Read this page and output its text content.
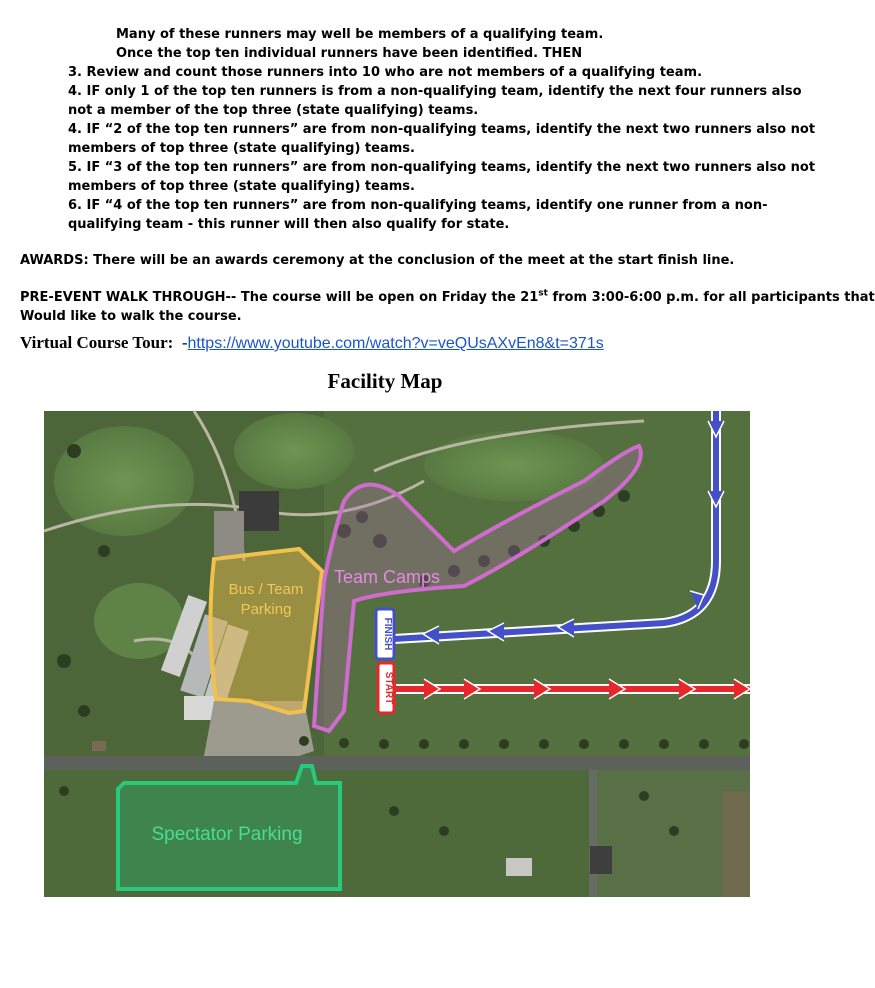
Many of these runners may well be members of a qualifying team.
Once the top ten individual runners have been identified. THEN
3. Review and count those runners into 10 who are not members of a qualifying team.
4. IF only 1 of the top ten runners is from a non-qualifying team, identify the next four runners also
not a member of the top three (state qualifying) teams.
4. IF “2 of the top ten runners” are from non-qualifying teams, identify the next two runners also not
members of top three (state qualifying) teams.
5. IF “3 of the top ten runners” are from non-qualifying teams, identify the next two runners also not
members of top three (state qualifying) teams.
6. IF “4 of the top ten runners” are from non-qualifying teams, identify one runner from a non-
qualifying team - this runner will then also qualify for state.
AWARDS: There will be an awards ceremony at the conclusion of the meet at the start finish line.
PRE-EVENT WALK THROUGH-- The course will be open on Friday the 21st from 3:00-6:00 p.m. for all participants that
Would like to walk the course.
Virtual Course Tour:  -https://www.youtube.com/watch?v=veQUsAXvEn8&t=371s
Facility Map
Bus / Team
Parking
Team Camps
FINISH
START
Spectator Parking
